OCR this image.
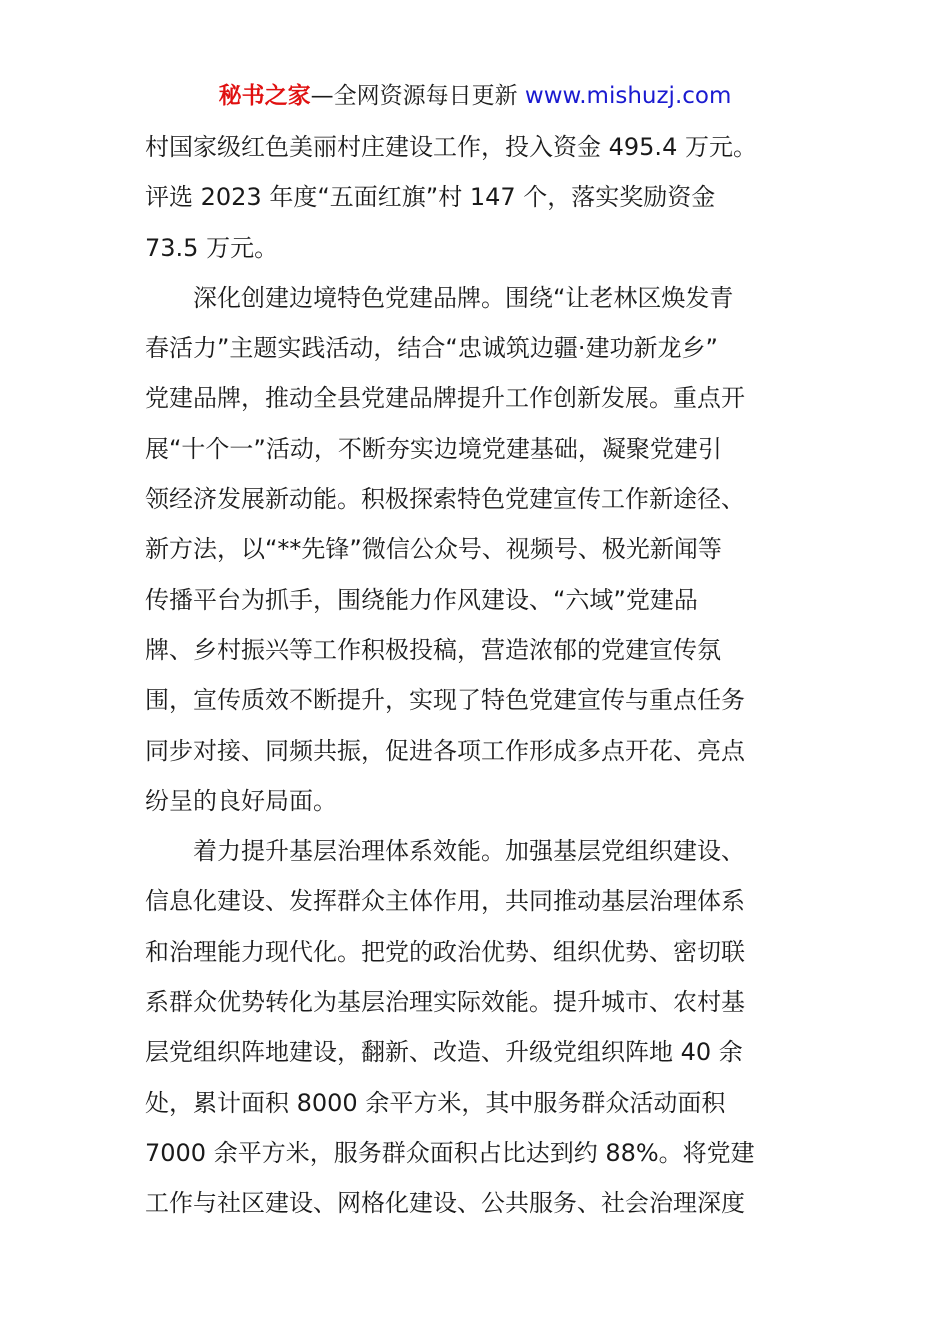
秘书之家—全网资源每日更新 www.mishuzj.com

村国家级红色美丽村庄建设工作，投入资金 495.4 万元。
评选 2023 年度“五面红旗”村 147 个，落实奖励资金
73.5 万元。

深化创建边境特色党建品牌。围绕“让老林区焕发青
春活力”主题实践活动，结合“忠诚筑边疆·建功新龙乡”
党建品牌，推动全县党建品牌提升工作创新发展。重点开
展“十个一”活动，不断夯实边境党建基础，凝聚党建引
领经济发展新动能。积极探索特色党建宣传工作新途径、
新方法，以“**先锋”微信公众号、视频号、极光新闻等
传播平台为抓手，围绕能力作风建设、“六域”党建品
牌、乡村振兴等工作积极投稿，营造浓郁的党建宣传氛
围，宣传质效不断提升，实现了特色党建宣传与重点任务
同步对接、同频共振，促进各项工作形成多点开花、亮点
纷呈的良好局面。

着力提升基层治理体系效能。加强基层党组织建设、
信息化建设、发挥群众主体作用，共同推动基层治理体系
和治理能力现代化。把党的政治优势、组织优势、密切联
系群众优势转化为基层治理实际效能。提升城市、农村基
层党组织阵地建设，翻新、改造、升级党组织阵地 40 余
处，累计面积 8000 余平方米，其中服务群众活动面积
7000 余平方米，服务群众面积占比达到约 88%。将党建
工作与社区建设、网格化建设、公共服务、社会治理深度
